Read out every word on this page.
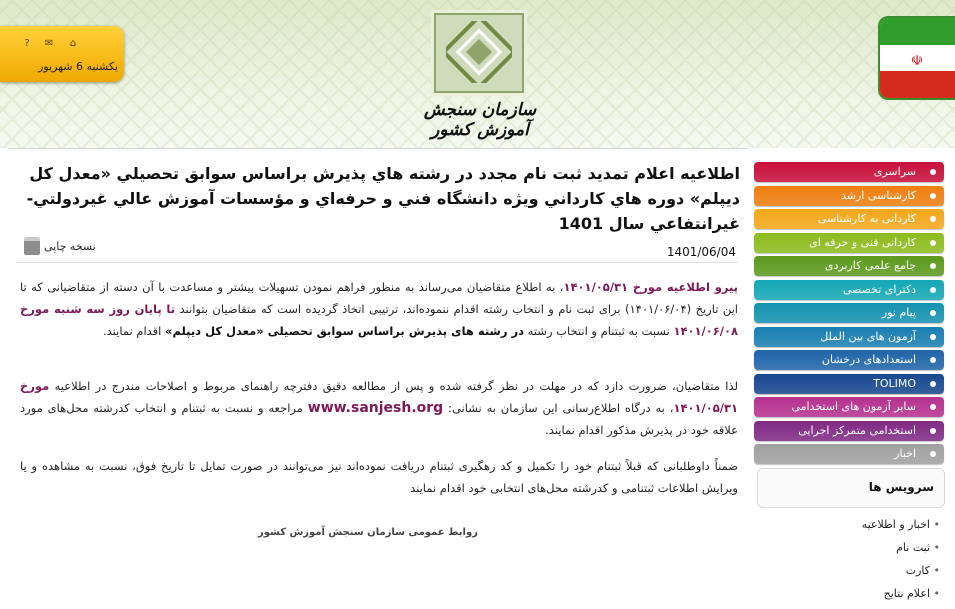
?	✉	⌂
يكشنبه 6 شهريور
سازمان سنجش آموزش کشور
☫
اطلاعيه اعلام تمديد ثبت نام مجدد در رشته هاي پذيرش براساس سوابق تحصيلي «معدل كل ديپلم» دوره هاي كارداني ويژه دانشگاه فني و حرفه‌اي و مؤسسات آموزش عالي غيردولتي-غيرانتفاعي سال 1401
نسخه چاپی	1401/06/04
پیرو اطلاعیه مورخ ۱۴۰۱/۰۵/۳۱، به اطلاع متقاضیان می‌رساند به منظور فراهم نمودن تسهیلات بیشتر و مساعدت با آن دسته از متقاضیانی که تا این تاریخ (۱۴۰۱/۰۶/۰۴) برای ثبت نام و انتخاب رشته اقدام ننموده‌اند، ترتیبی اتخاذ گردیده است که متقاضیان بتوانند تا پایان روز سه شنبه مورخ ۱۴۰۱/۰۶/۰۸ نسبت به ثبتنام و انتخاب رشته در رشته های پذیرش براساس سوابق تحصیلی «معدل کل دیپلم» اقدام نمایند.
لذا متقاضیان، ضرورت دارد که در مهلت در نظر گرفته شده و پس از مطالعه دقیق دفترچه راهنمای مربوط و اصلاحات مندرج در اطلاعیه مورخ ۱۴۰۱/۰۵/۳۱، به درگاه اطلاع‌رسانی این سازمان به نشانی: www.sanjesh.org مراجعه و نسبت به ثبتنام و انتخاب کدرشته محل‌های مورد علاقه خود در پذیرش مذکور اقدام نمایند.
ضمناً داوطلبانی که قبلاً ثبتنام خود را تکمیل و کد رهگیری ثبتنام دریافت نموده‌اند نیز می‌توانند در صورت تمایل تا تاریخ فوق، نسبت به مشاهده و یا ویرایش اطلاعات ثبتنامی و کدرشته محل‌های انتخابی خود اقدام نمایند
روابط عمومی سازمان سنجش آموزش کشور
سراسری
كارشناسی ارشد
كاردانی به كارشناسی
كاردانی فنی و حرفه ای
جامع علمی كاربردی
دكترای تخصصی
پیام نور
آزمون های بین الملل
استعدادهای درخشان
TOLIMO
سایر آزمون های استخدامی
استخدامی متمركز اجرایی
اخبار
سرويس ها
اخبار و اطلاعيه •
ثبت نام •
كارت •
اعلام نتايج •
